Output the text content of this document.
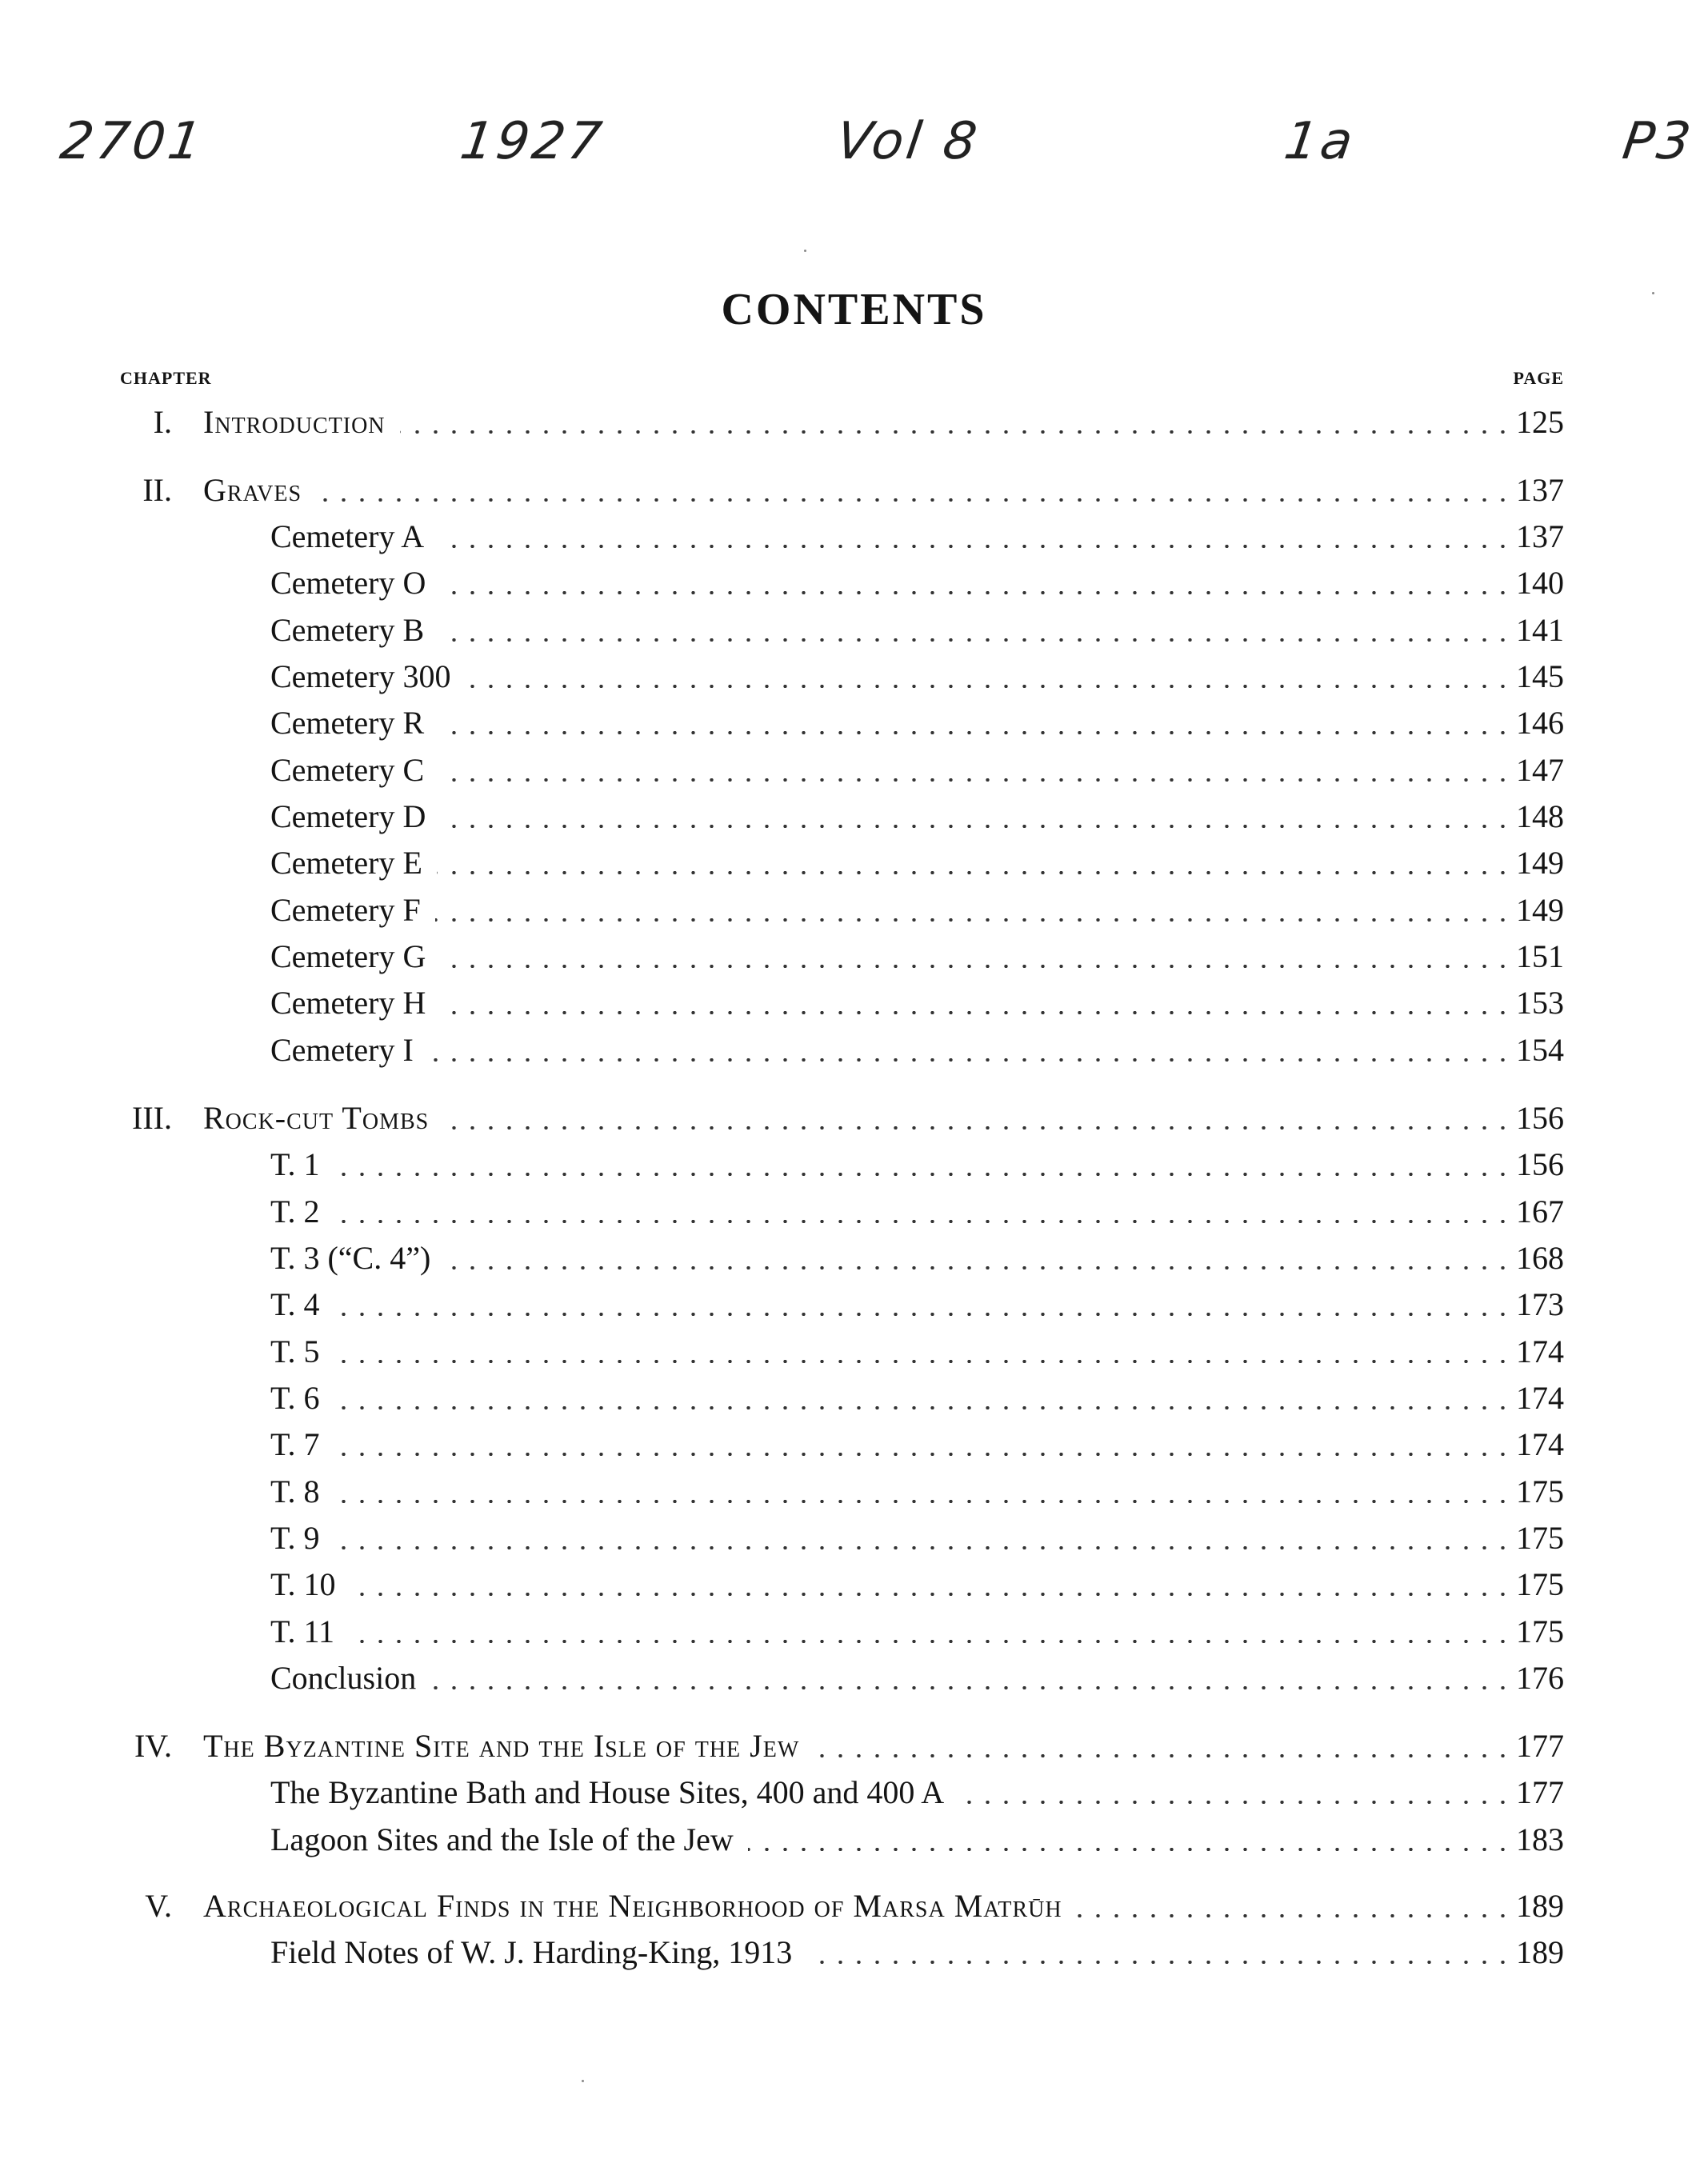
2701	1927	Vol 8	1a	P3
CONTENTS
CHAPTER	PAGE
I. Introduction	125
II. Graves	137
Cemetery A	137
Cemetery O	140
Cemetery B	141
Cemetery 300	145
Cemetery R	146
Cemetery C	147
Cemetery D	148
Cemetery E	149
Cemetery F	149
Cemetery G	151
Cemetery H	153
Cemetery I	154
III. Rock-cut Tombs	156
T. 1	156
T. 2	167
T. 3 (“C. 4”)	168
T. 4	173
T. 5	174
T. 6	174
T. 7	174
T. 8	175
T. 9	175
T. 10	175
T. 11	175
Conclusion	176
IV. The Byzantine Site and the Isle of the Jew	177
The Byzantine Bath and House Sites, 400 and 400 A	177
Lagoon Sites and the Isle of the Jew	183
V. Archaeological Finds in the Neighborhood of Marsa Matrūh	189
Field Notes of W. J. Harding-King, 1913	189
